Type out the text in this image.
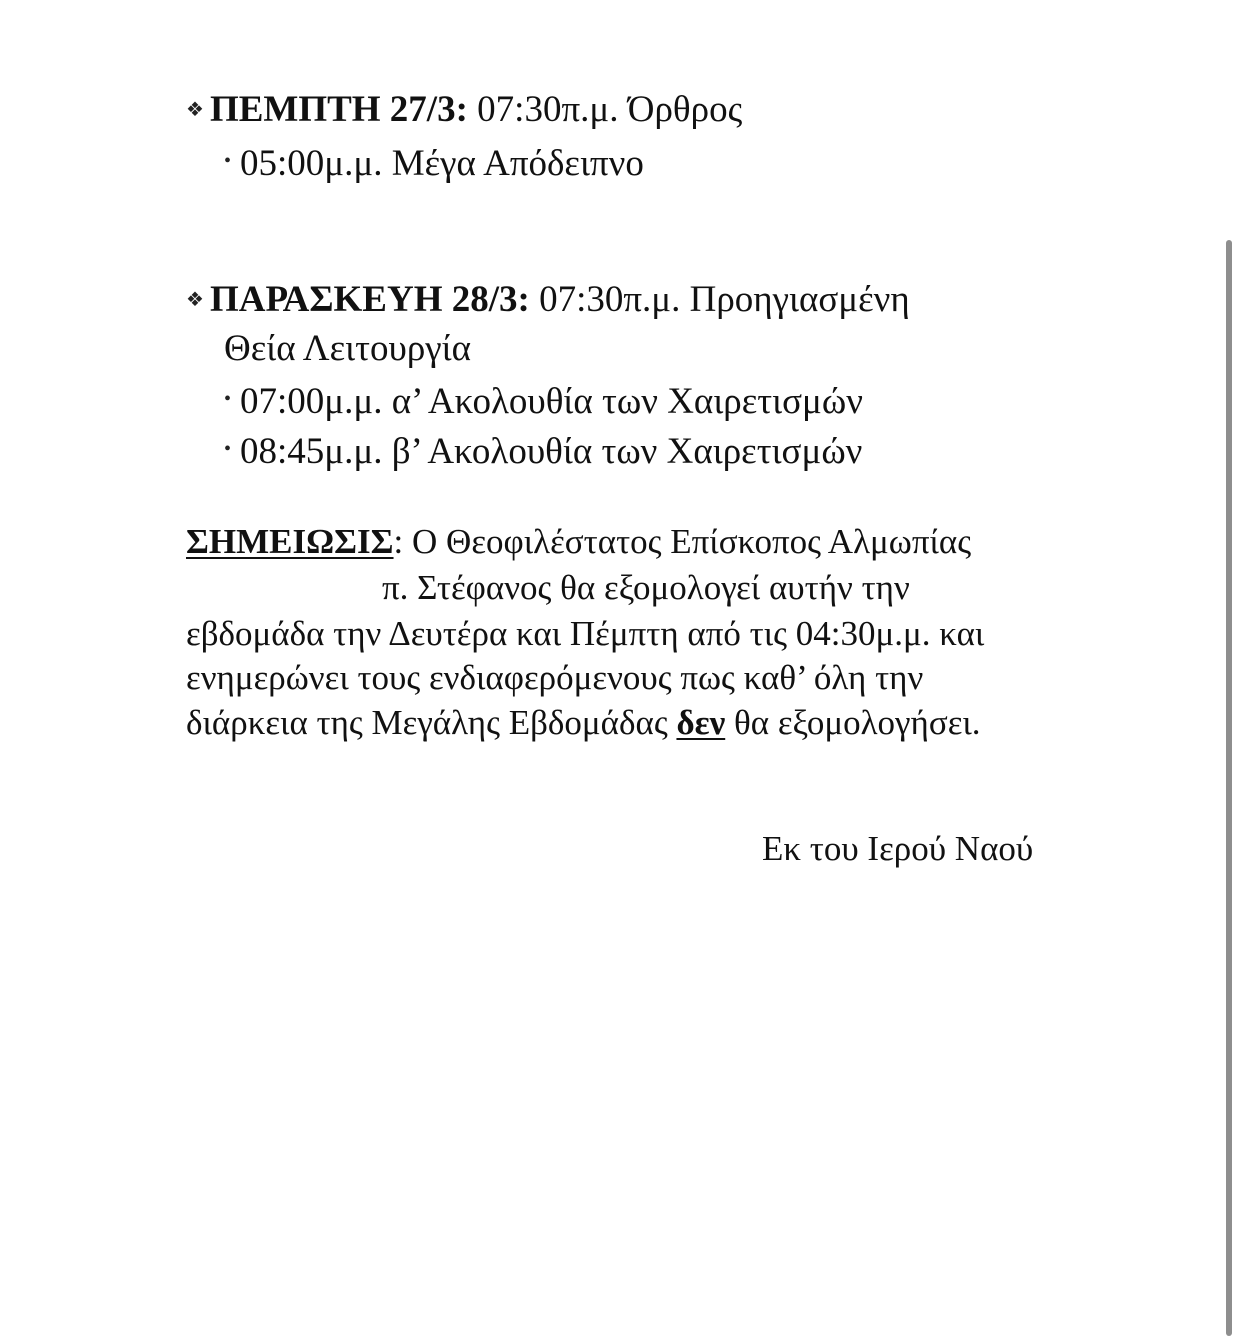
❖ ΠΕΜΠΤΗ 27/3: 07:30π.μ. Όρθρος
• 05:00μ.μ. Μέγα Απόδειπνο
❖ ΠΑΡΑΣΚΕΥΗ 28/3: 07:30π.μ. Προηγιασμένη
Θεία Λειτουργία
• 07:00μ.μ. α’ Ακολουθία των Χαιρετισμών
• 08:45μ.μ. β’ Ακολουθία των Χαιρετισμών
ΣΗΜΕΙΩΣΙΣ: Ο Θεοφιλέστατος Επίσκοπος Αλμωπίας
π. Στέφανος θα εξομολογεί αυτήν την
εβδομάδα την Δευτέρα και Πέμπτη από τις 04:30μ.μ. και
ενημερώνει τους ενδιαφερόμενους πως καθ’ όλη την
διάρκεια της Μεγάλης Εβδομάδας δεν θα εξομολογήσει.
Εκ του Ιερού Ναού
